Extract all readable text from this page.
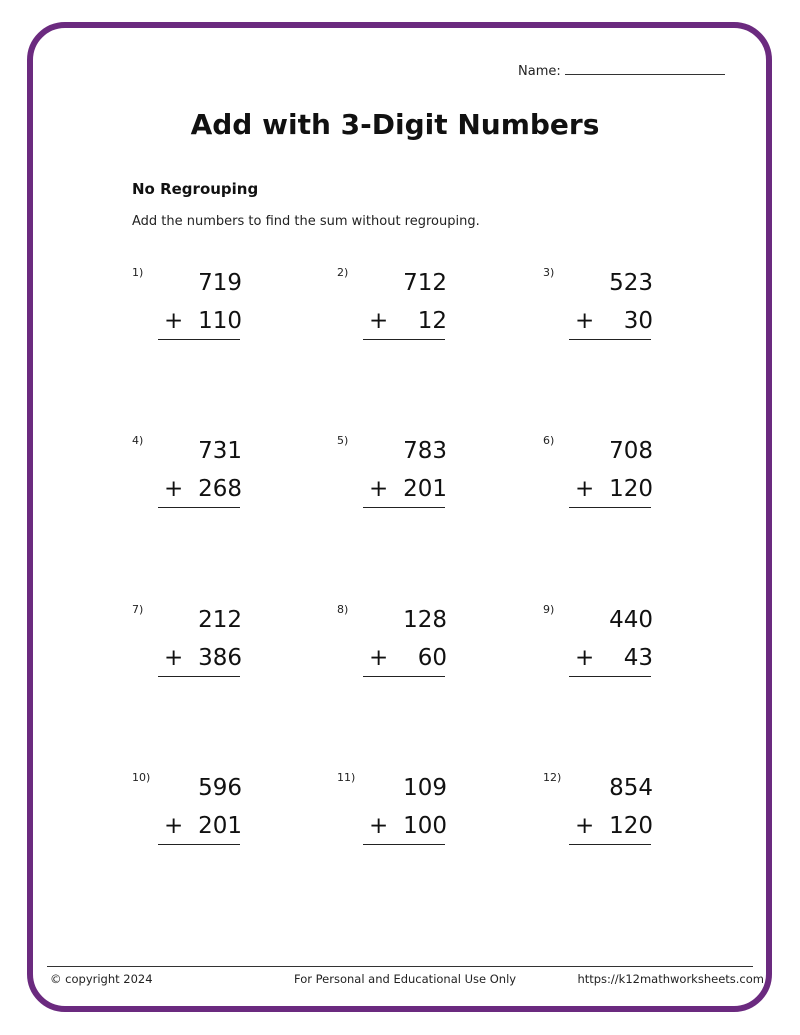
Name:
Add with 3-Digit Numbers
No Regrouping
Add the numbers to find the sum without regrouping.
1) 719
+ 110
2) 712
+ 12
3) 523
+ 30
4) 731
+ 268
5) 783
+ 201
6) 708
+ 120
7) 212
+ 386
8) 128
+ 60
9) 440
+ 43
10) 596
+ 201
11) 109
+ 100
12) 854
+ 120
© copyright 2024	For Personal and Educational Use Only	https://k12mathworksheets.com
